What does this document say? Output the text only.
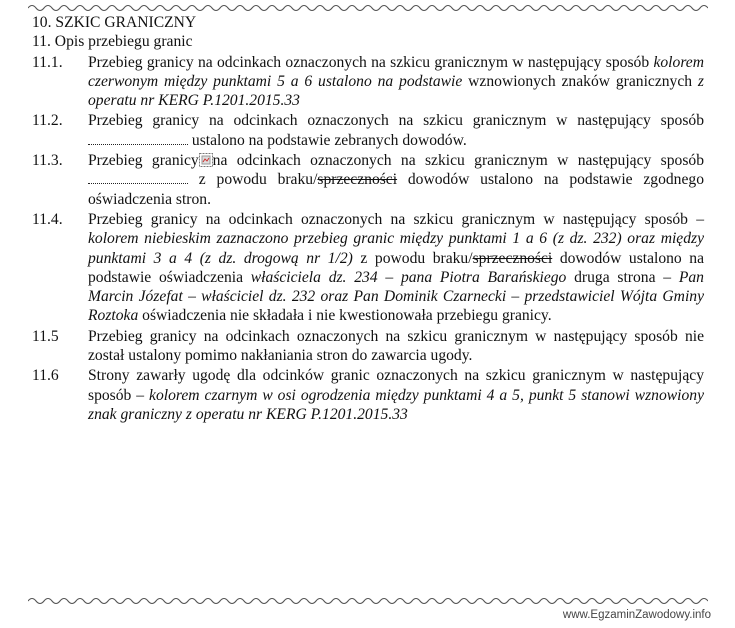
10. SZKIC GRANICZNY

11. Opis przebiegu granic

11.1.	Przebieg granicy na odcinkach oznaczonych na szkicu granicznym w następujący sposób kolorem czerwonym między punktami 5 a 6 ustalono na podstawie wznowionych znaków granicznych z operatu nr KERG P.1201.2015.33
11.2.	Przebieg granicy na odcinkach oznaczonych na szkicu granicznym w następujący sposób  ustalono na podstawie zebranych dowodów.
11.3.	Przebieg granicy na odcinkach oznaczonych na szkicu granicznym w następujący sposób  z powodu braku/sprzeczności dowodów ustalono na podstawie zgodnego oświadczenia stron.
11.4.	Przebieg granicy na odcinkach oznaczonych na szkicu granicznym w następujący sposób – kolorem niebieskim zaznaczono przebieg granic między punktami 1 a 6 (z dz. 232) oraz między punktami 3 a 4 (z dz. drogową nr 1/2) z powodu braku/sprzeczności dowodów ustalono na podstawie oświadczenia właściciela dz. 234 – pana Piotra Barańskiego druga strona – Pan Marcin Józefat – właściciel dz. 232 oraz Pan Dominik Czarnecki – przedstawiciel Wójta Gminy Roztoka oświadczenia nie składała i nie kwestionowała przebiegu granicy.
11.5	Przebieg granicy na odcinkach oznaczonych na szkicu granicznym w następujący sposób nie został ustalony pomimo nakłaniania stron do zawarcia ugody.
11.6	Strony zawarły ugodę dla odcinków granic oznaczonych na szkicu granicznym w następujący sposób – kolorem czarnym w osi ogrodzenia między punktami 4 a 5, punkt 5 stanowi wznowiony znak graniczny z operatu nr KERG P.1201.2015.33
www.EgzaminZawodowy.info
